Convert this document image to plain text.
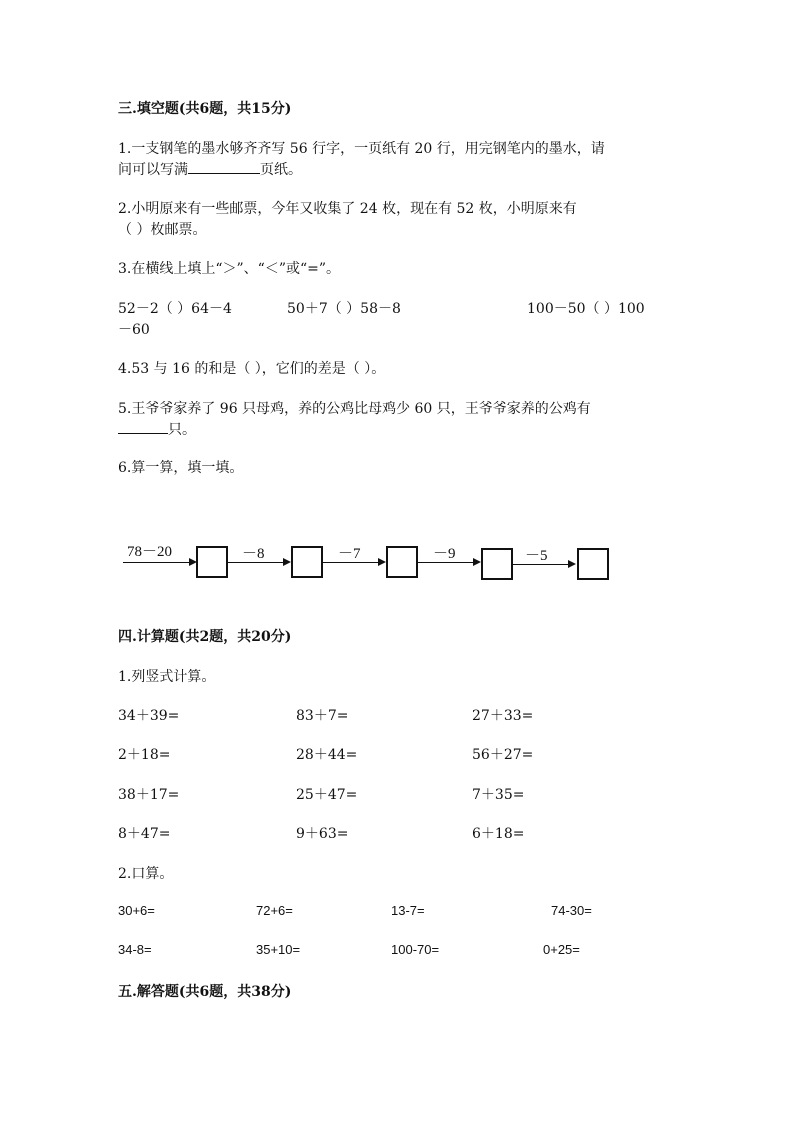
三.填空题(共6题，共15分)
1.一支钢笔的墨水够齐齐写 56 行字，一页纸有 20 行，用完钢笔内的墨水，请
问可以写满	页纸。
2.小明原来有一些邮票，今年又收集了 24 枚，现在有 52 枚，小明原来有
（ ）枚邮票。
3.在横线上填上“＞”、“＜”或“=”。
52－2（ ）64－4	50＋7（ ）58－8	100－50（ ）100
－60
4.53 与 16 的和是（ ），它们的差是（ ）。
5.王爷爷家养了 96 只母鸡，养的公鸡比母鸡少 60 只，王爷爷家养的公鸡有
只。
6.算一算，填一填。
78－20	－8	－7	－9	－5
四.计算题(共2题，共20分)
1.列竖式计算。
34＋39=	83＋7=	27＋33=
2＋18=	28＋44=	56＋27=
38＋17=	25＋47=	7＋35=
8＋47=	9＋63=	6＋18=
2.口算。
30+6=	72+6=	13-7=	74-30=
34-8=	35+10=	100-70=	0+25=
五.解答题(共6题，共38分)
